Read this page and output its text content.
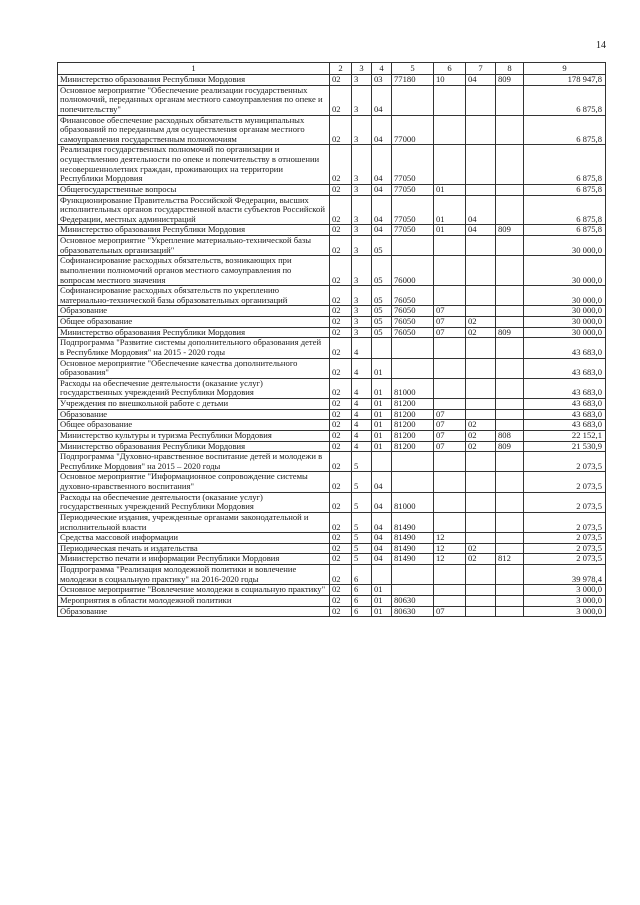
14
1	2	3	4	5	6	7	8	9
Министерство образования Республики Мордовия	02	3	03	77180	10	04	809	178 947,8
Основное мероприятие "Обеспечение реализации государственных полномочий, переданных органам местного самоуправления по опеке и попечительству"	02	3	04					6 875,8
Финансовое обеспечение расходных обязательств муниципальных образований по переданным для осуществления органам местного самоуправления государственным полномочиям	02	3	04	77000				6 875,8
Реализация государственных полномочий по организации и осуществлению деятельности по опеке и попечительству в отношении несовершеннолетних граждан, проживающих на территории Республики Мордовия	02	3	04	77050				6 875,8
Общегосударственные вопросы	02	3	04	77050	01			6 875,8
Функционирование Правительства Российской Федерации, высших исполнительных органов государственной власти субъектов Российской Федерации, местных администраций	02	3	04	77050	01	04		6 875,8
Министерство образования Республики Мордовия	02	3	04	77050	01	04	809	6 875,8
Основное мероприятие "Укрепление материально-технической базы образовательных организаций"	02	3	05					30 000,0
Софинансирование расходных обязательств, возникающих при выполнении полномочий органов местного самоуправления по вопросам местного значения	02	3	05	76000				30 000,0
Софинансирование расходных обязательств по укреплению материально-технической базы образовательных организаций	02	3	05	76050				30 000,0
Образование	02	3	05	76050	07			30 000,0
Общее образование	02	3	05	76050	07	02		30 000,0
Министерство образования Республики Мордовия	02	3	05	76050	07	02	809	30 000,0
Подпрограмма "Развитие системы дополнительного образования детей в Республике Мордовия" на 2015 - 2020 годы	02	4						43 683,0
Основное мероприятие "Обеспечение качества дополнительного образования"	02	4	01					43 683,0
Расходы на обеспечение деятельности (оказание услуг) государственных учреждений Республики Мордовия	02	4	01	81000				43 683,0
Учреждения по внешкольной работе с детьми	02	4	01	81200				43 683,0
Образование	02	4	01	81200	07			43 683,0
Общее образование	02	4	01	81200	07	02		43 683,0
Министерство культуры и туризма Республики Мордовия	02	4	01	81200	07	02	808	22 152,1
Министерство образования Республики Мордовия	02	4	01	81200	07	02	809	21 530,9
Подпрограмма "Духовно-нравственное воспитание детей и молодежи в Республике Мордовия" на 2015 – 2020 годы	02	5						2 073,5
Основное мероприятие "Информационное сопровождение системы духовно-нравственного воспитания"	02	5	04					2 073,5
Расходы на обеспечение деятельности (оказание услуг) государственных учреждений Республики Мордовия	02	5	04	81000				2 073,5
Периодические издания, учрежденные органами законодательной и исполнительной власти	02	5	04	81490				2 073,5
Средства массовой информации	02	5	04	81490	12			2 073,5
Периодическая печать и издательства	02	5	04	81490	12	02		2 073,5
Министерство печати и информации Республики Мордовия	02	5	04	81490	12	02	812	2 073,5
Подпрограмма "Реализация молодежной политики и вовлечение молодежи в социальную практику" на 2016-2020 годы	02	6						39 978,4
Основное мероприятие "Вовлечение молодежи в социальную практику"	02	6	01					3 000,0
Мероприятия в области молодежной политики	02	6	01	80630				3 000,0
Образование	02	6	01	80630	07			3 000,0
